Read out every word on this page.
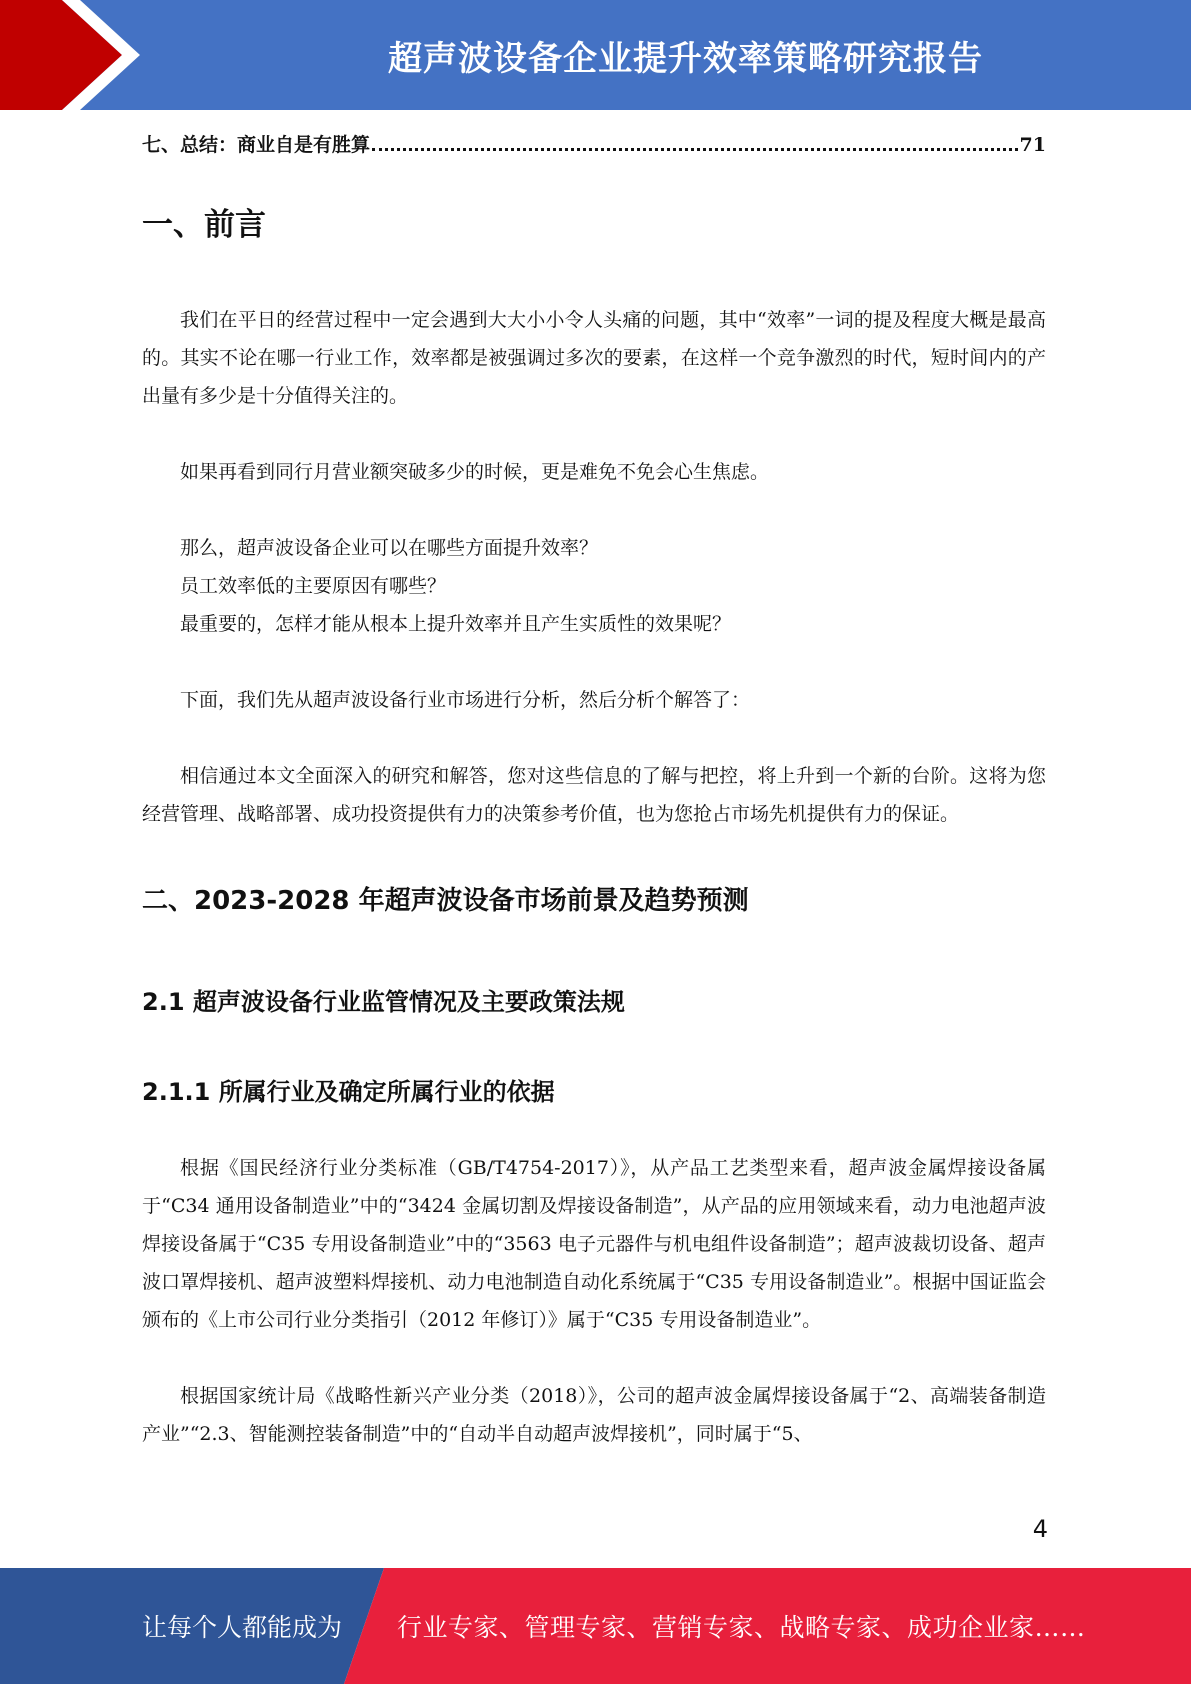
超声波设备企业提升效率策略研究报告
七、总结：商业自是有胜算	71
一、前言

我们在平日的经营过程中一定会遇到大大小小令人头痛的问题，其中“效率”一词的提及程度大概是最高的。其实不论在哪一行业工作，效率都是被强调过多次的要素，在这样一个竞争激烈的时代，短时间内的产出量有多少是十分值得关注的。

如果再看到同行月营业额突破多少的时候，更是难免不免会心生焦虑。

那么，超声波设备企业可以在哪些方面提升效率？

员工效率低的主要原因有哪些？

最重要的，怎样才能从根本上提升效率并且产生实质性的效果呢？

下面，我们先从超声波设备行业市场进行分析，然后分析个解答了：

相信通过本文全面深入的研究和解答，您对这些信息的了解与把控，将上升到一个新的台阶。这将为您经营管理、战略部署、成功投资提供有力的决策参考价值，也为您抢占市场先机提供有力的保证。

二、2023-2028 年超声波设备市场前景及趋势预测
2.1 超声波设备行业监管情况及主要政策法规
2.1.1 所属行业及确定所属行业的依据

根据《国民经济行业分类标准（GB/T4754-2017）》，从产品工艺类型来看，超声波金属焊接设备属于“C34 通用设备制造业”中的“3424 金属切割及焊接设备制造”，从产品的应用领域来看，动力电池超声波焊接设备属于“C35 专用设备制造业”中的“3563 电子元器件与机电组件设备制造”；超声波裁切设备、超声波口罩焊接机、超声波塑料焊接机、动力电池制造自动化系统属于“C35 专用设备制造业”。根据中国证监会颁布的《上市公司行业分类指引（2012 年修订）》属于“C35 专用设备制造业”。

根据国家统计局《战略性新兴产业分类（2018）》，公司的超声波金属焊接设备属于“2、高端装备制造产业”“2.3、智能测控装备制造”中的“自动半自动超声波焊接机”，同时属于“5、

4
让每个人都能成为 行业专家、管理专家、营销专家、战略专家、成功企业家……
